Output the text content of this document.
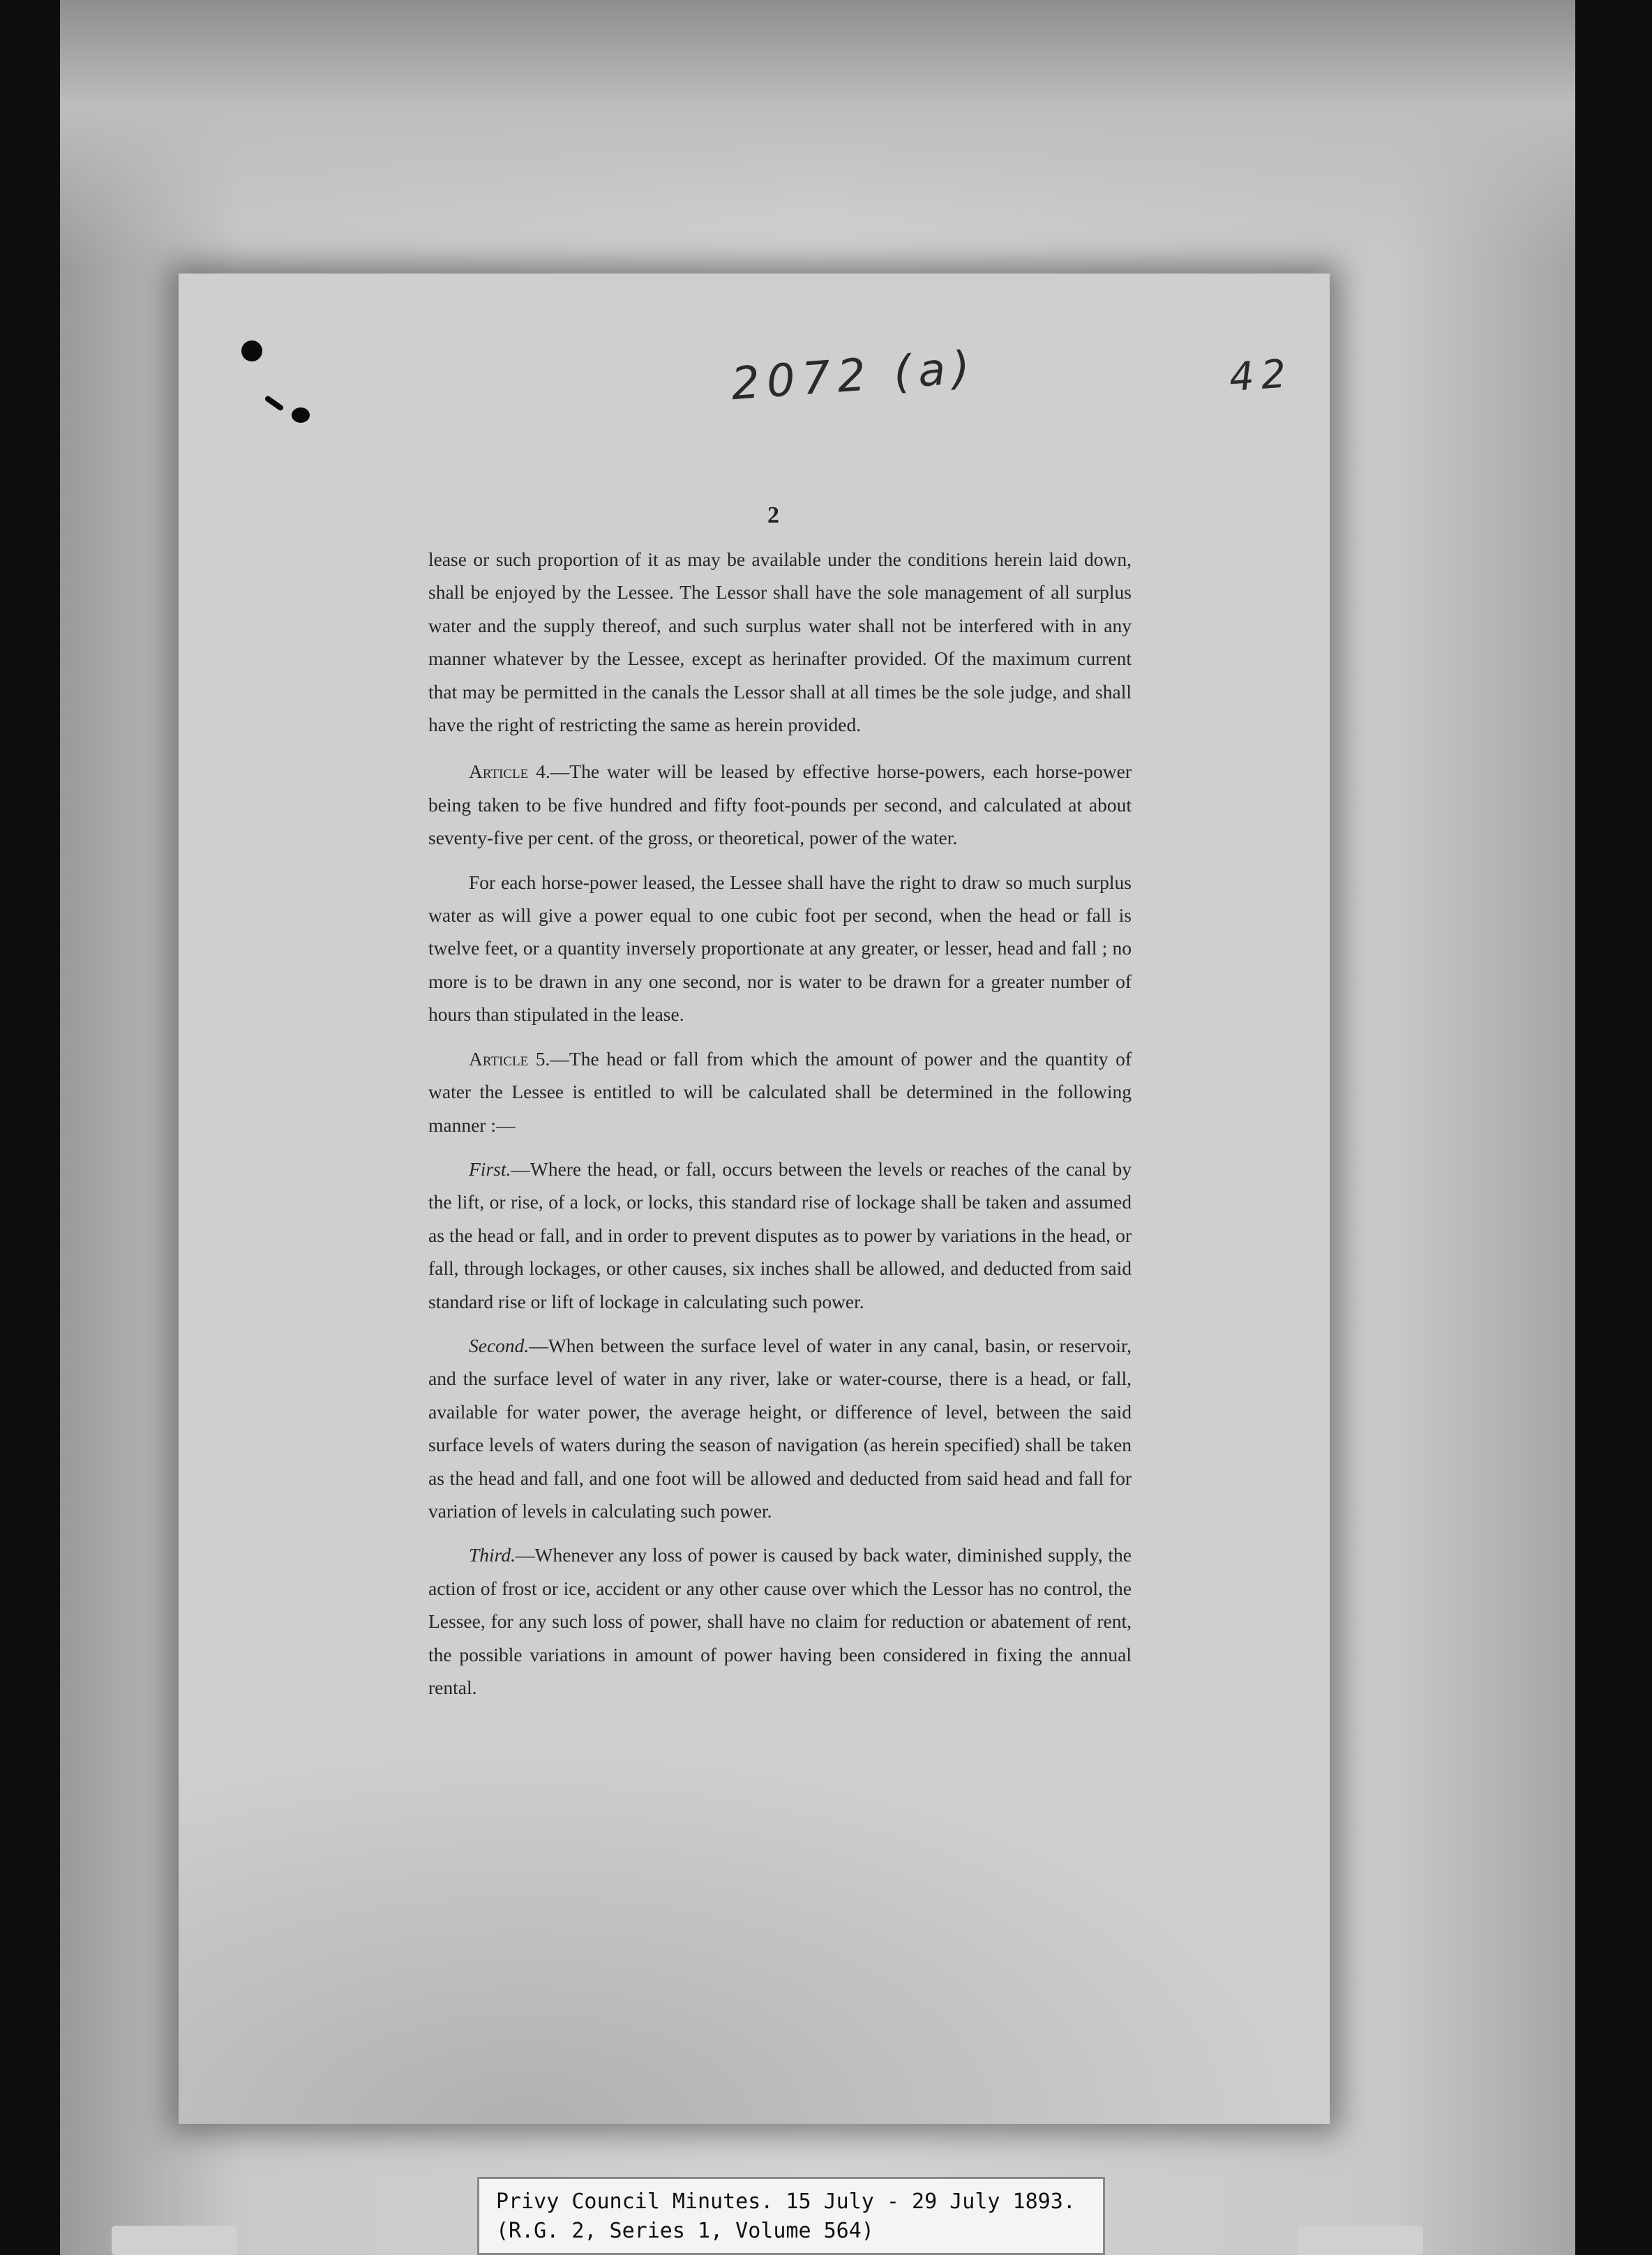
2072 (a)	42
2

lease or such proportion of it as may be available under the conditions herein laid down, shall be enjoyed by the Lessee. The Lessor shall have the sole management of all surplus water and the supply thereof, and such surplus water shall not be interfered with in any manner whatever by the Lessee, except as herinafter provided. Of the maximum current that may be permitted in the canals the Lessor shall at all times be the sole judge, and shall have the right of restricting the same as herein provided.

Article 4.—The water will be leased by effective horse-powers, each horse-power being taken to be five hundred and fifty foot-pounds per second, and calculated at about seventy-five per cent. of the gross, or theoretical, power of the water.

For each horse-power leased, the Lessee shall have the right to draw so much surplus water as will give a power equal to one cubic foot per second, when the head or fall is twelve feet, or a quantity inversely proportionate at any greater, or lesser, head and fall ; no more is to be drawn in any one second, nor is water to be drawn for a greater number of hours than stipulated in the lease.

Article 5.—The head or fall from which the amount of power and the quantity of water the Lessee is entitled to will be calculated shall be determined in the following manner :—

First.—Where the head, or fall, occurs between the levels or reaches of the canal by the lift, or rise, of a lock, or locks, this standard rise of lockage shall be taken and assumed as the head or fall, and in order to prevent disputes as to power by variations in the head, or fall, through lockages, or other causes, six inches shall be allowed, and deducted from said standard rise or lift of lockage in calculating such power.

Second.—When between the surface level of water in any canal, basin, or reservoir, and the surface level of water in any river, lake or water-course, there is a head, or fall, available for water power, the average height, or difference of level, between the said surface levels of waters during the season of navigation (as herein specified) shall be taken as the head and fall, and one foot will be allowed and deducted from said head and fall for variation of levels in calculating such power.

Third.—Whenever any loss of power is caused by back water, diminished supply, the action of frost or ice, accident or any other cause over which the Lessor has no control, the Lessee, for any such loss of power, shall have no claim for reduction or abatement of rent, the possible variations in amount of power having been considered in fixing the annual rental.

Privy Council Minutes. 15 July - 29 July 1893.
(R.G. 2, Series 1, Volume 564)
